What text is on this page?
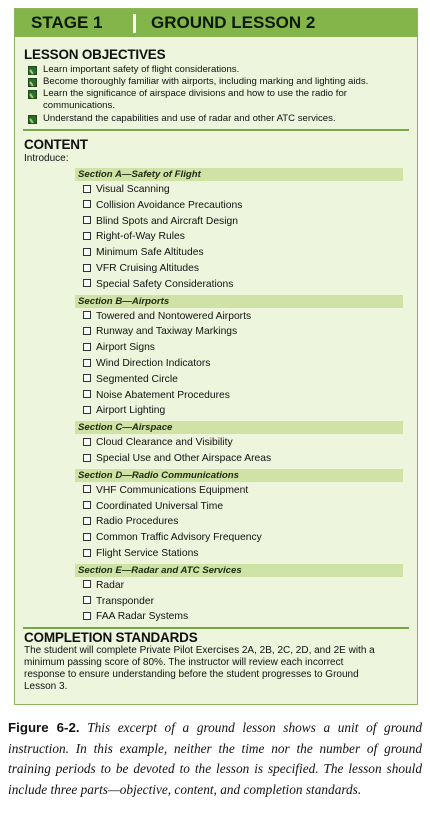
STAGE 1	GROUND LESSON 2
LESSON OBJECTIVES
Learn important safety of flight considerations.
Become thoroughly familiar with airports, including marking and lighting aids.
Learn the significance of airspace divisions and how to use the radio for
communications.
Understand the capabilities and use of radar and other ATC services.
CONTENT
Introduce:
Section A—Safety of Flight
Visual Scanning
Collision Avoidance Precautions
Blind Spots and Aircraft Design
Right-of-Way Rules
Minimum Safe Altitudes
VFR Cruising Altitudes
Special Safety Considerations
Section B—Airports
Towered and Nontowered Airports
Runway and Taxiway Markings
Airport Signs
Wind Direction Indicators
Segmented Circle
Noise Abatement Procedures
Airport Lighting
Section C—Airspace
Cloud Clearance and Visibility
Special Use and Other Airspace Areas
Section D—Radio Communications
VHF Communications Equipment
Coordinated Universal Time
Radio Procedures
Common Traffic Advisory Frequency
Flight Service Stations
Section E—Radar and ATC Services
Radar
Transponder
FAA Radar Systems
COMPLETION STANDARDS
The student will complete Private Pilot Exercises 2A, 2B, 2C, 2D, and 2E with a
minimum passing score of 80%. The instructor will review each incorrect
response to ensure understanding before the student progresses to Ground
Lesson 3.
Figure 6-2. This excerpt of a ground lesson shows a unit of ground instruction. In this example, neither the time nor the number of ground training periods to be devoted to the lesson is specified. The lesson should include three parts—objective, content, and completion standards.
